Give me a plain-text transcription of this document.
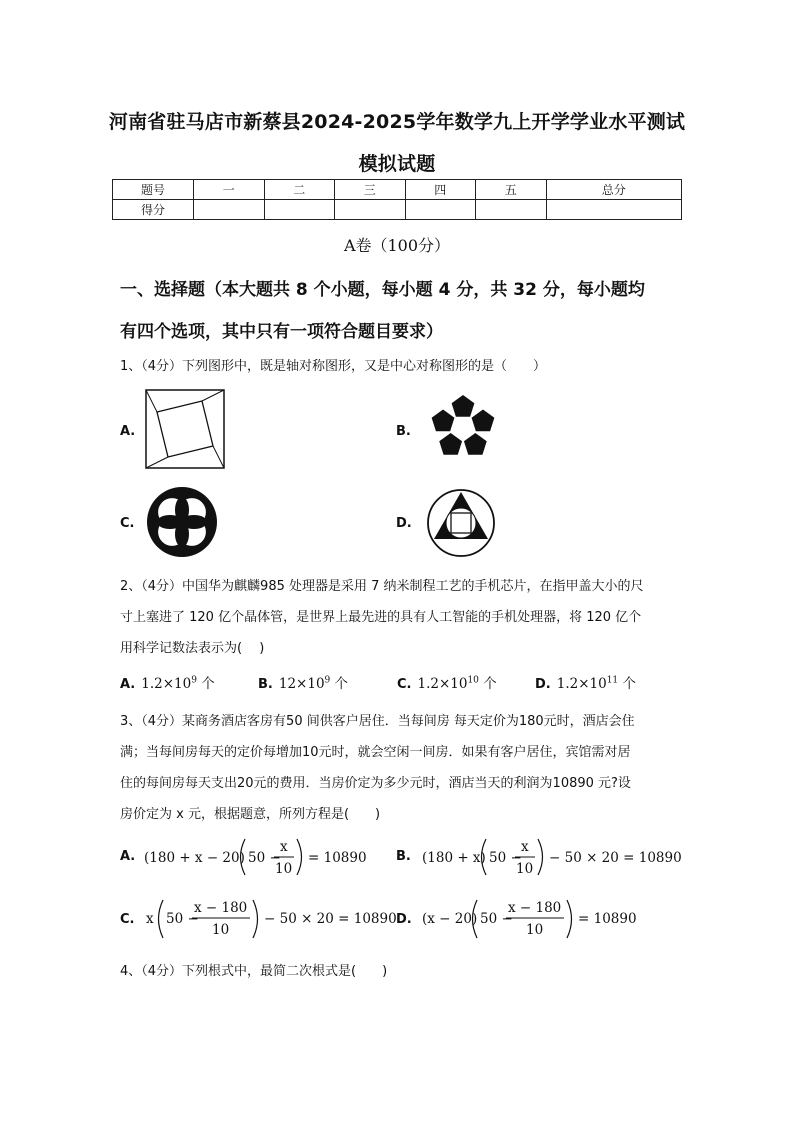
河南省驻马店市新蔡县2024-2025学年数学九上开学学业水平测试
模拟试题
题号	一	二	三	四	五	总分
得分						
A卷（100分）
一、选择题（本大题共 8 个小题，每小题 4 分，共 32 分，每小题均
有四个选项，其中只有一项符合题目要求）
1、（4分）下列图形中，既是轴对称图形，又是中心对称图形的是（　　）
A.	B.
C.	D.
2、（4分）中国华为麒麟985 处理器是采用 7 纳米制程工艺的手机芯片，在指甲盖大小的尺
寸上塞进了 120 亿个晶体管，是世界上最先进的具有人工智能的手机处理器，将 120 亿个
用科学记数法表示为(　 )
A. $1.2\times 10^9$ 个	B. $12\times 10^9$ 个	C. $1.2\times 10^{10}$ 个	D. $1.2\times 10^{11}$ 个
3、（4分）某商务酒店客房有50 间供客户居住．当每间房 每天定价为180元时，酒店会住
满；当每间房每天的定价每增加10元时，就会空闲一间房．如果有客户居住，宾馆需对居
住的每间房每天支出20元的费用．当房价定为多少元时，酒店当天的利润为10890 元?设
房价定为 x 元，根据题意，所列方程是(　　)
A. (180 + x − 20) 50 −
x
10
= 10890 B. (180 + x) 50 −
x
10
− 50 × 20 = 10890
C. x 50 −
x − 180
10
− 50 × 20 = 10890 D. (x − 20) 50 −
x − 180
10
= 10890
4、（4分）下列根式中，最简二次根式是(　　)
